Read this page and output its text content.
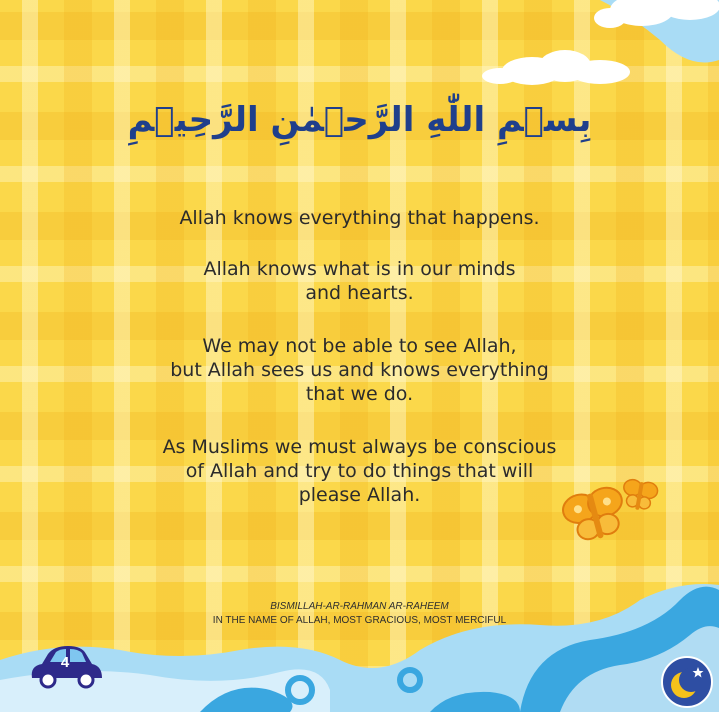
بِسۡمِ اللّٰهِ الرَّحۡمٰنِ الرَّحِيۡمِ
Allah knows everything that happens.
Allah knows what is in our minds
and hearts.
We may not be able to see Allah,
but Allah sees us and knows everything
that we do.
As Muslims we must always be conscious
of Allah and try to do things that will
please Allah.
BISMILLAH-AR-RAHMAN AR-RAHEEM
IN THE NAME OF ALLAH, MOST GRACIOUS, MOST MERCIFUL
4
